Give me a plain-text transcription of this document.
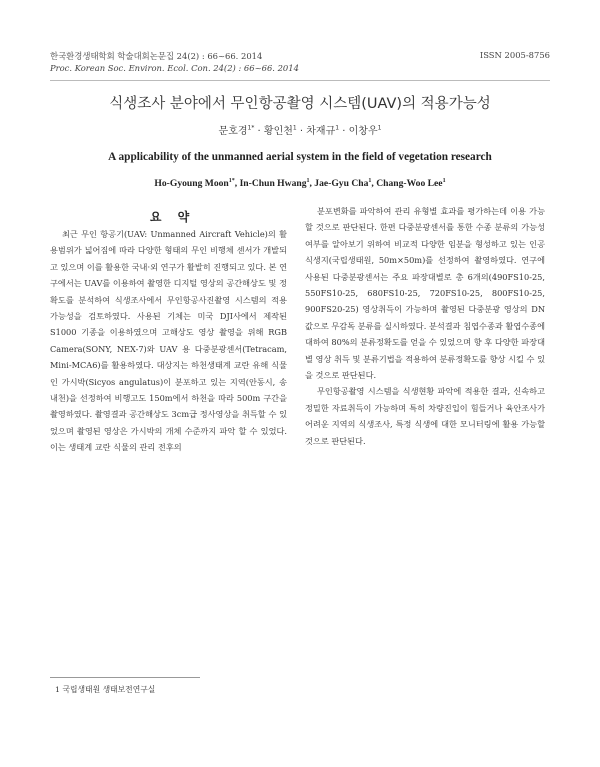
한국환경생태학회 학술대회논문집 24(2) : 66~66. 2014
Proc. Korean Soc. Environ. Ecol. Con. 24(2) : 66~66. 2014
ISSN 2005-8756
식생조사 분야에서 무인항공촬영 시스템(UAV)의 적용가능성
문호경$^{1*}$ · 황인천$^1$ · 차재규$^1$ · 이창우$^1$
A applicability of the unmanned aerial system in the field of vegetation research
Ho-Gyoung Moon$^{1*}$, In-Chun Hwang$^1$, Jae-Gyu Cha$^1$, Chang-Woo Lee$^1$
요 약

최근 무인 항공기(UAV: Unmanned Aircraft Vehicle)의 활용범위가 넓어짐에 따라 다양한 형태의 무인 비행체 센서가 개발되고 있으며 이를 활용한 국내·외 연구가 활발히 진행되고 있다. 본 연구에서는 UAV를 이용하여 촬영한 디지털 영상의 공간해상도 및 정확도를 분석하여 식생조사에서 무인항공사진촬영 시스템의 적용 가능성을 검토하였다. 사용된 기체는 미국 DJI사에서 제작된 S1000 기종을 이용하였으며 고해상도 영상 촬영을 위해 RGB Camera(SONY, NEX-7)와 UAV 용 다중분광센서(Tetracam, Mini-MCA6)를 활용하였다. 대상지는 하천생태계 교란 유해 식물인 가시박(Sicyos angulatus)이 분포하고 있는 지역(안동시, 송내천)을 선정하여 비행고도 150m에서 하천을 따라 500m 구간을 촬영하였다. 촬영결과 공간해상도 3cm급 정사영상을 취득할 수 있었으며 촬영된 영상은 가시박의 개체 수준까지 파악 할 수 있었다. 이는 생태계 교란 식물의 관리 전후의

분포변화를 파악하여 관리 유형별 효과를 평가하는데 이용 가능 할 것으로 판단된다. 한편 다중분광센서를 통한 수종 분류의 가능성 여부를 알아보기 위하여 비교적 다양한 임분을 형성하고 있는 인공식생지(국립생태원, 50m×50m)를 선정하여 촬영하였다. 연구에 사용된 다중분광센서는 주요 파장대별로 총 6개의(490FS10-25, 550FS10-25, 680FS10-25, 720FS10-25, 800FS10-25, 900FS20-25) 영상취득이 가능하며 촬영된 다중분광 영상의 DN값으로 무감독 분류를 실시하였다. 분석결과 침엽수종과 활엽수종에 대하여 80%의 분류정확도를 얻을 수 있었으며 향 후 다양한 파장대별 영상 취득 및 분류기법을 적용하여 분류정확도를 향상 시킬 수 있을 것으로 판단된다.

무인항공촬영 시스템을 식생현황 파악에 적용한 결과, 신속하고 정밀한 자료취득이 가능하며 특히 차량진입이 힘들거나 육안조사가 어려운 지역의 식생조사, 특정 식생에 대한 모니터링에 활용 가능할 것으로 판단된다.

1 국립생태원 생태보전연구실
